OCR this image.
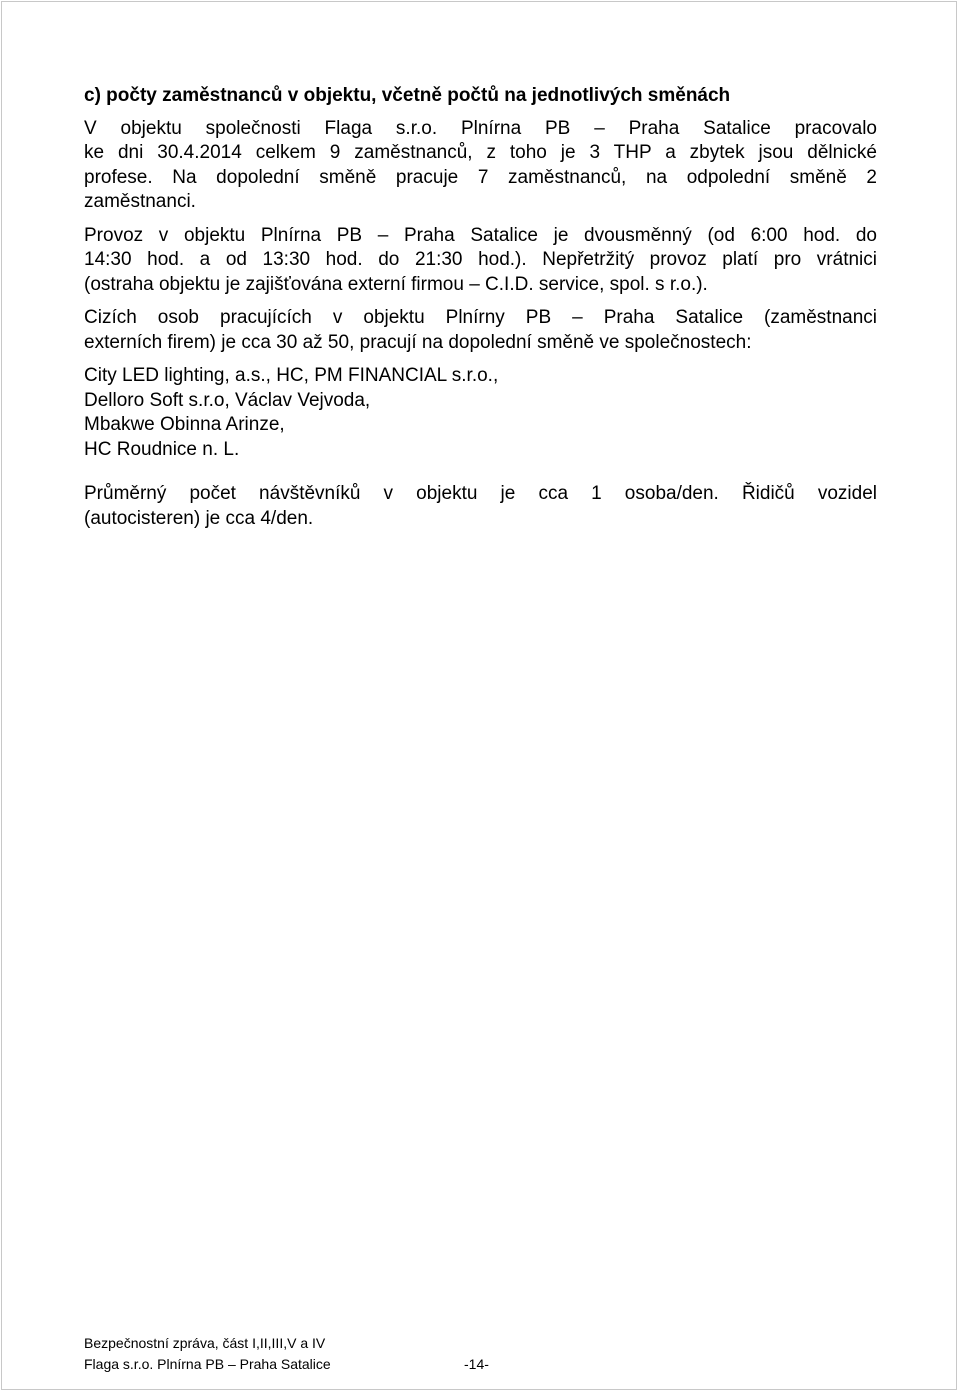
c) počty zaměstnanců v objektu, včetně počtů na jednotlivých směnách

V objektu společnosti Flaga s.r.o. Plnírna PB – Praha Satalice pracovalo
ke dni 30.4.2014 celkem 9 zaměstnanců, z toho je 3 THP a zbytek jsou dělnické
profese. Na dopolední směně pracuje 7 zaměstnanců, na odpolední směně 2
zaměstnanci.

Provoz v objektu Plnírna PB – Praha Satalice je dvousměnný (od 6:00 hod. do
14:30 hod. a od 13:30 hod. do 21:30 hod.). Nepřetržitý provoz platí pro vrátnici
(ostraha objektu je zajišťována externí firmou – C.I.D. service, spol. s r.o.).

Cizích osob pracujících v objektu Plnírny PB – Praha Satalice (zaměstnanci
externích firem) je cca 30 až 50, pracují na dopolední směně ve společnostech:

City LED lighting, a.s., HC, PM FINANCIAL s.r.o.,
Delloro Soft s.r.o, Václav Vejvoda,
Mbakwe Obinna Arinze,
HC Roudnice n. L.

Průměrný počet návštěvníků v objektu je cca 1 osoba/den. Řidičů vozidel
(autocisteren) je cca 4/den.

Bezpečnostní zpráva, část I,II,III,V a IV
Flaga s.r.o. Plnírna PB – Praha Satalice	-14-
